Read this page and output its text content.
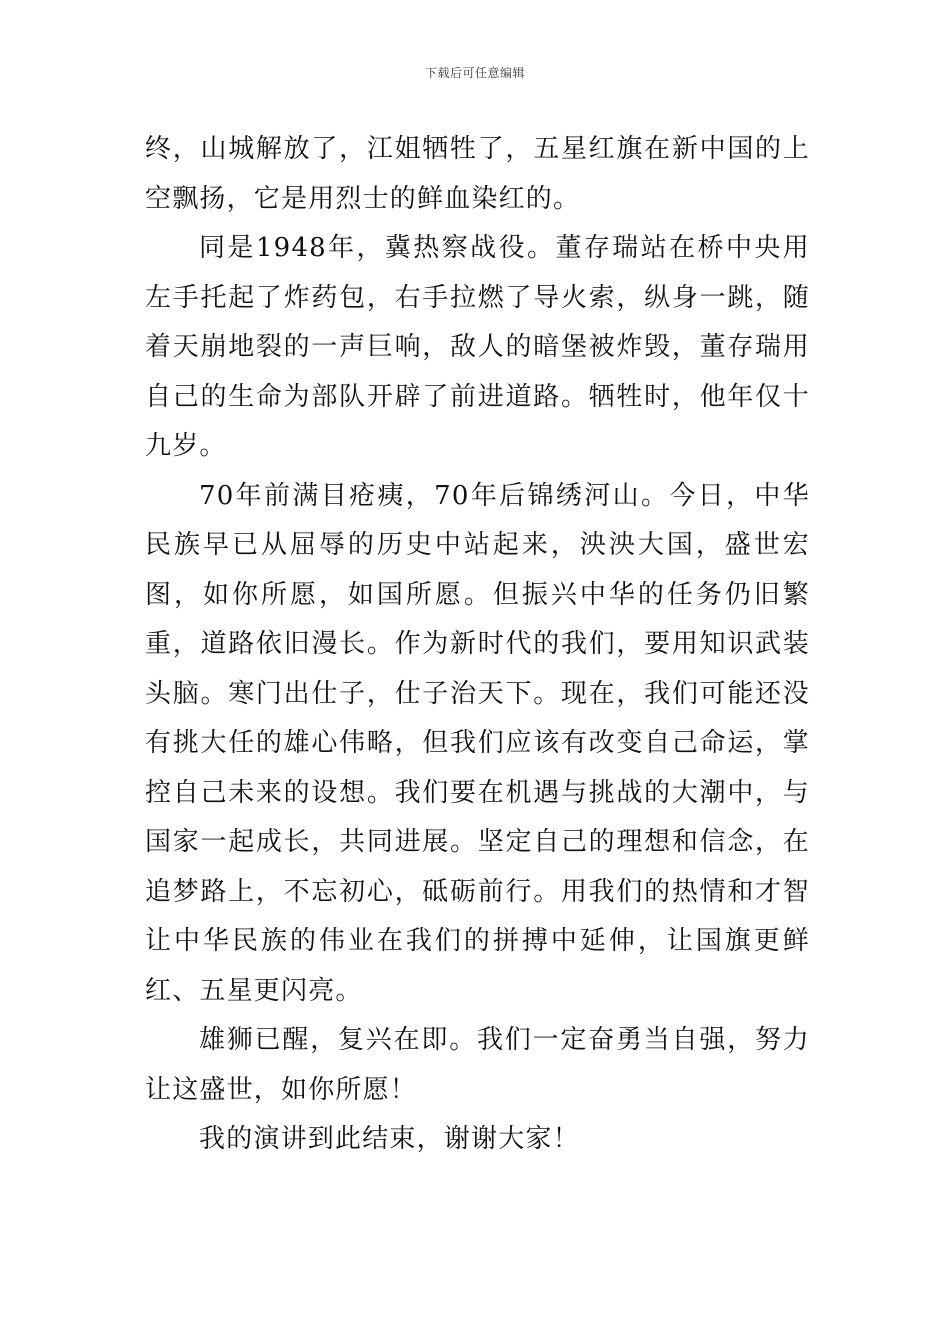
下载后可任意编辑

终，山城解放了，江姐牺牲了，五星红旗在新中国的上空飘扬，它是用烈士的鲜血染红的。

同是1948年，冀热察战役。董存瑞站在桥中央用左手托起了炸药包，右手拉燃了导火索，纵身一跳，随着天崩地裂的一声巨响，敌人的暗堡被炸毁，董存瑞用自己的生命为部队开辟了前进道路。牺牲时，他年仅十九岁。

70年前满目疮痍，70年后锦绣河山。今日，中华民族早已从屈辱的历史中站起来，泱泱大国，盛世宏图，如你所愿，如国所愿。但振兴中华的任务仍旧繁重，道路依旧漫长。作为新时代的我们，要用知识武装头脑。寒门出仕子，仕子治天下。现在，我们可能还没有挑大任的雄心伟略，但我们应该有改变自己命运，掌控自己未来的设想。我们要在机遇与挑战的大潮中，与国家一起成长，共同进展。坚定自己的理想和信念，在追梦路上，不忘初心，砥砺前行。用我们的热情和才智让中华民族的伟业在我们的拼搏中延伸，让国旗更鲜红、五星更闪亮。

雄狮已醒，复兴在即。我们一定奋勇当自强，努力让这盛世，如你所愿！

我的演讲到此结束，谢谢大家！
